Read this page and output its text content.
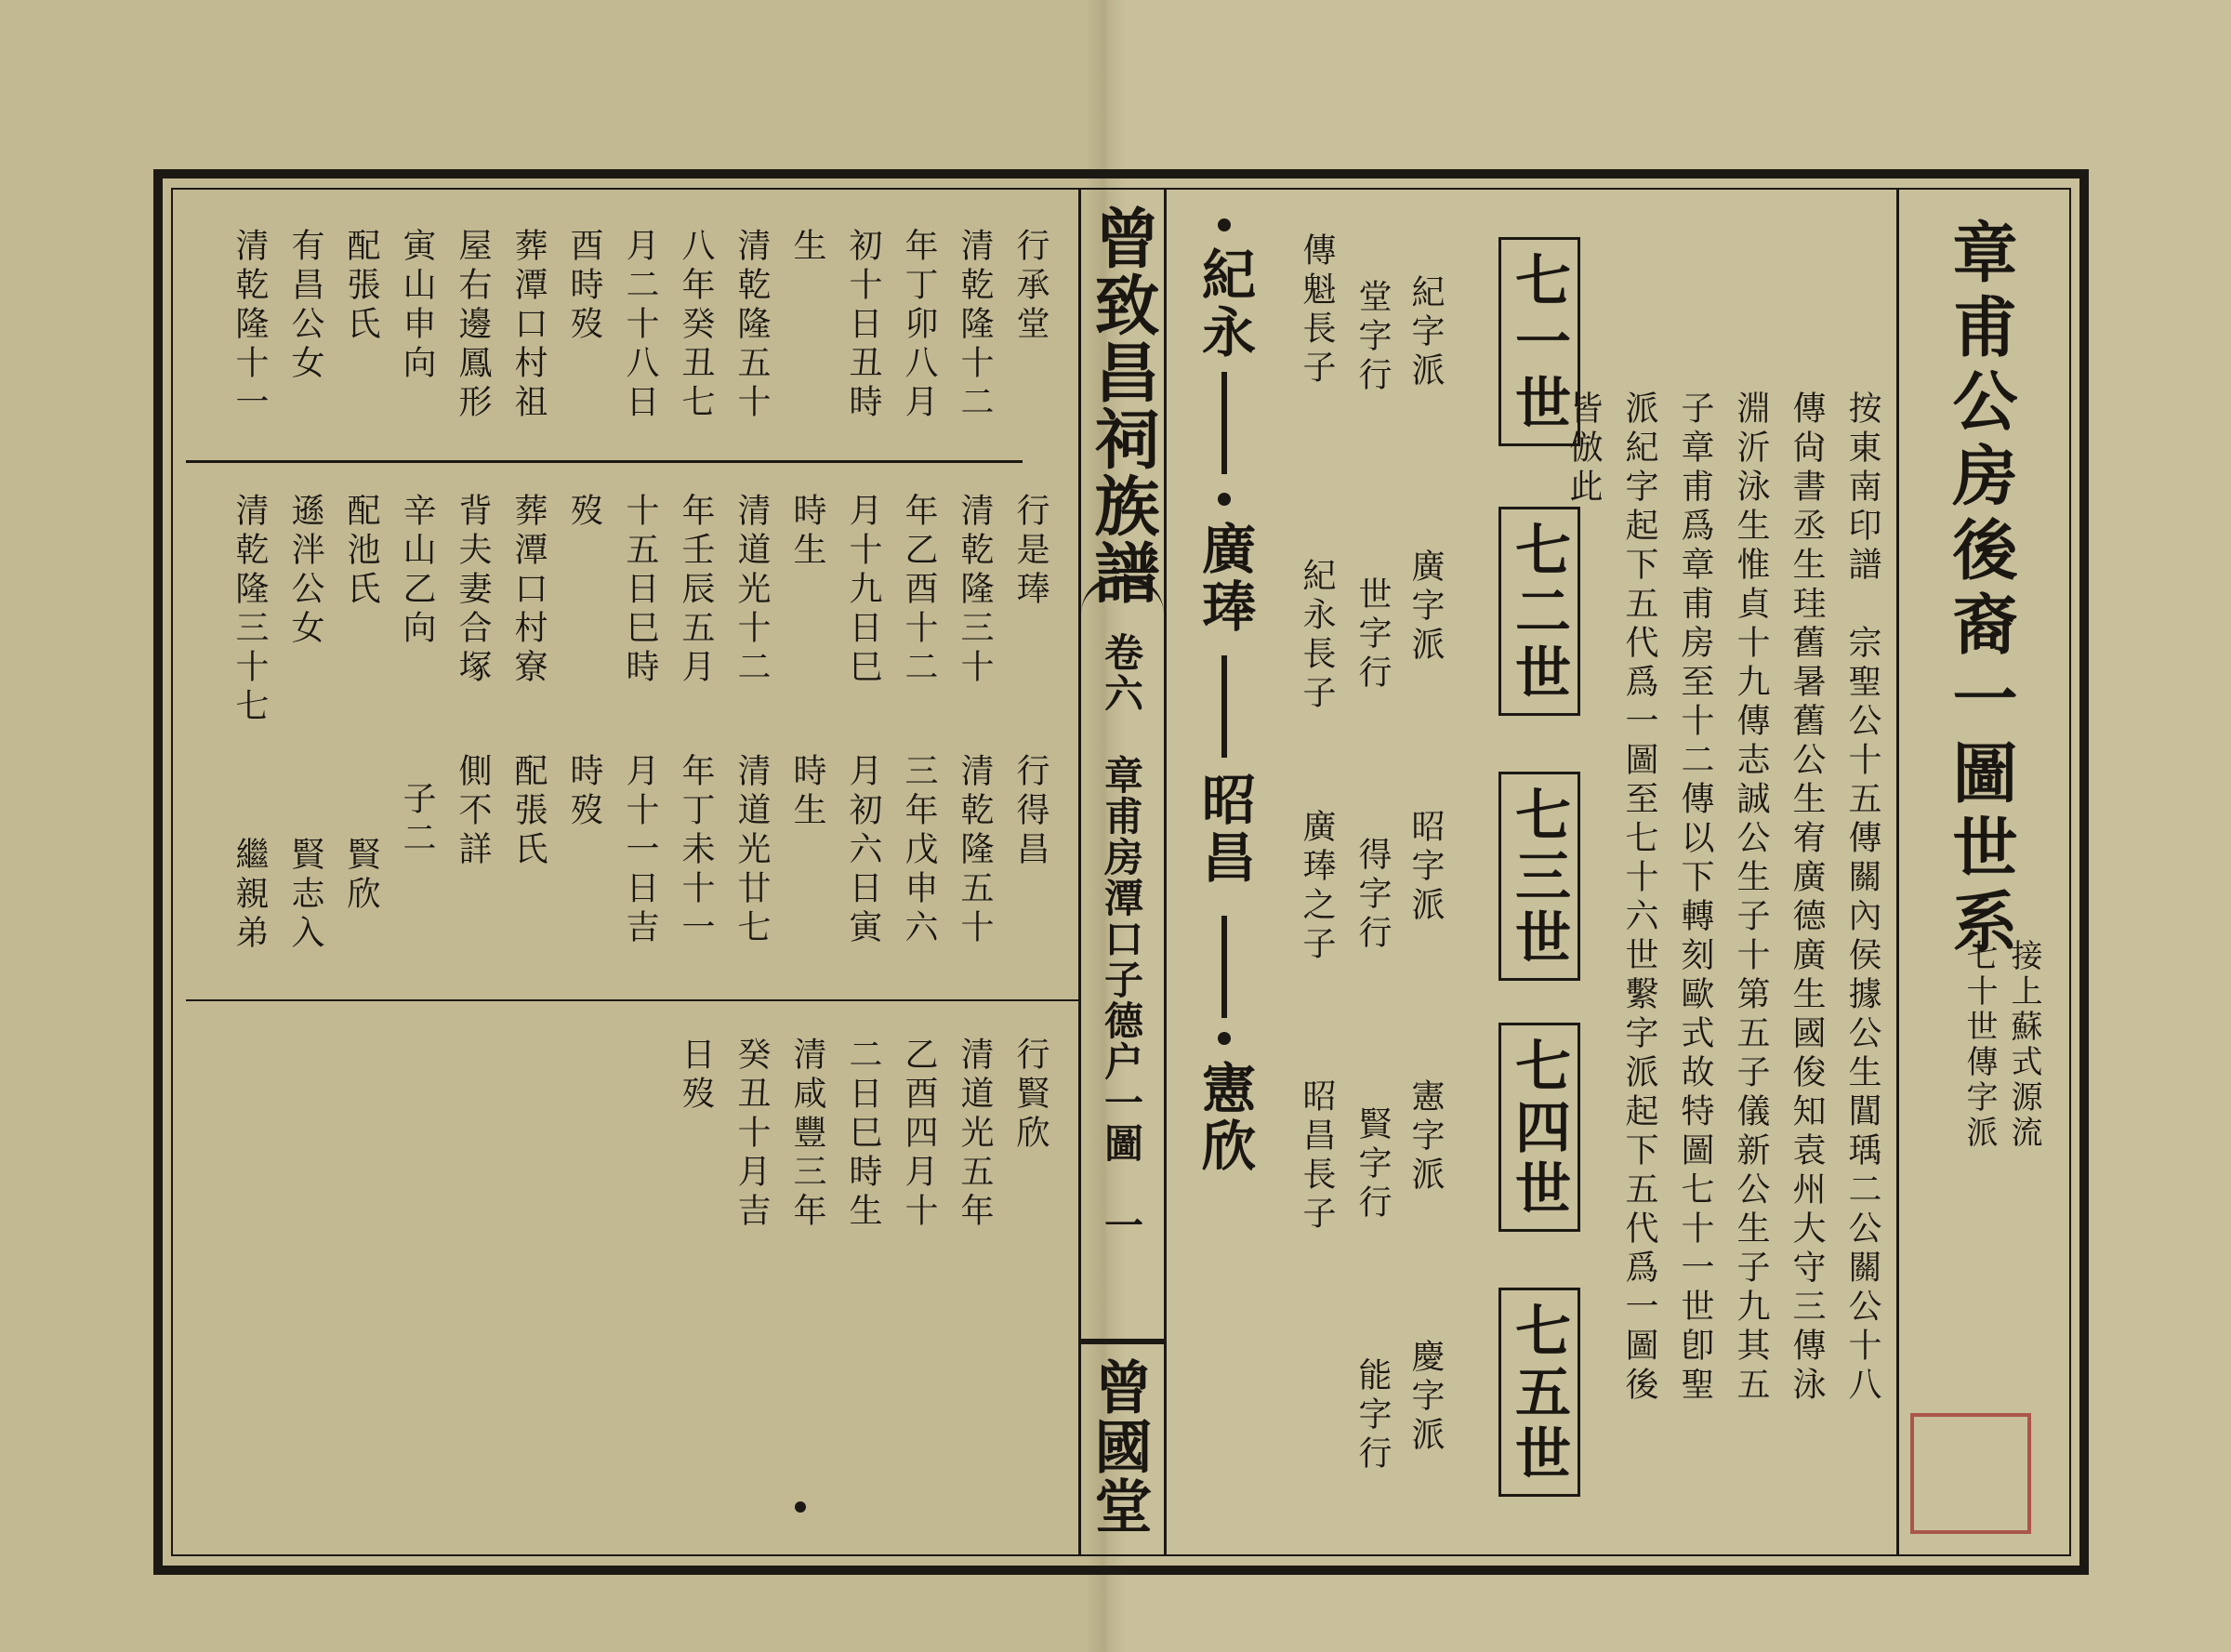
章甫公房後裔一圖世系
接上蘇式源流
七十世傳字派
按東南印譜　宗聖公十五傳關內侯據公生閶瑀二公關公十八
傳尙書丞生珪舊暑舊公生宥廣德廣生國俊知袁州大守三傳泳
淵沂泳生惟貞十九傳志誠公生子十第五子儀新公生子九其五
子章甫爲章甫房至十二傳以下轉刻歐式故特圖七十一世卽聖
派紀字起下五代爲一圖至七十六世繫字派起下五代爲一圖後
皆倣此
七一世
七二世
七三世
七四世
七五世
紀字派
堂字行
傳魁長子
廣字派
世字行
紀永長子
昭字派
得字行
廣琫之子
憲字派
賢字行
昭昌長子
慶字派
能字行
紀永
廣琫
昭昌
憲欣
曾致昌祠族譜
卷六　章甫房潭口子德户一圖　一
曾國堂
行承堂
清乾隆十二
年丁卯八月
初十日丑時
生
清乾隆五十
八年癸丑七
月二十八日
酉時歿
葬潭口村祖
屋右邊鳳形
寅山申向
配張氏
有昌公女
清乾隆十一
行是琫
清乾隆三十
年乙酉十二
月十九日巳
時生
清道光十二
年壬辰五月
十五日巳時
歿
葬潭口村寮
背夫妻合塚
辛山乙向
配池氏
遜泮公女
清乾隆三十七
行得昌
清乾隆五十
三年戊申六
月初六日寅
時生
清道光廿七
年丁未十一
月十一日吉
時歿
配張氏
側不詳
子二
賢欣
賢志入
繼親弟
行賢欣
清道光五年
乙酉四月十
二日巳時生
清咸豐三年
癸丑十月吉
日歿
